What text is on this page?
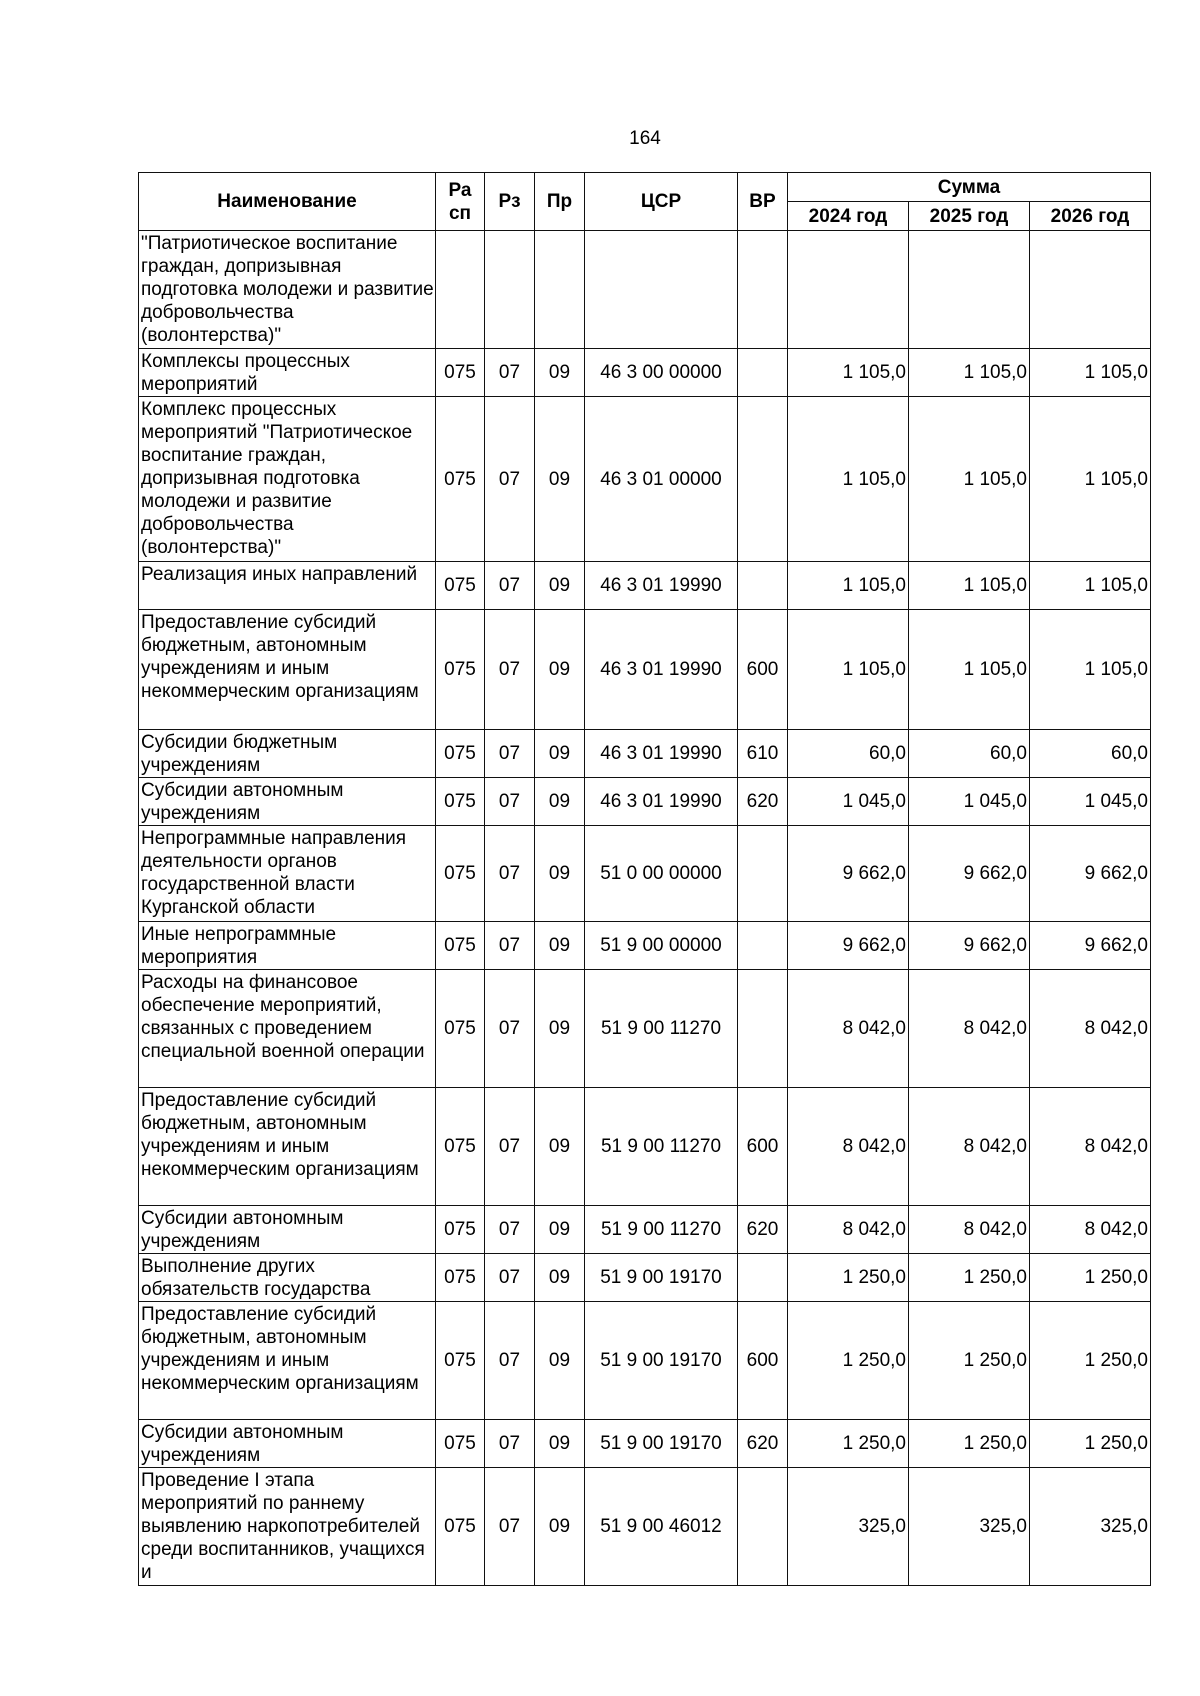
164
Наименование	Ра сп	Рз	Пр	ЦСР	ВР	Сумма		
						2024 год	2025 год	2026 год
"Патриотическое воспитание граждан, допризывная подготовка молодежи и развитие добровольчества (волонтерства)"								
Комплексы процессных мероприятий	075	07	09	46 3 00 00000		1 105,0	1 105,0	1 105,0
Комплекс процессных мероприятий "Патриотическое воспитание граждан, допризывная подготовка молодежи и развитие добровольчества (волонтерства)"	075	07	09	46 3 01 00000		1 105,0	1 105,0	1 105,0
Реализация иных направлений	075	07	09	46 3 01 19990		1 105,0	1 105,0	1 105,0
Предоставление субсидий бюджетным, автономным учреждениям и иным некоммерческим организациям	075	07	09	46 3 01 19990	600	1 105,0	1 105,0	1 105,0
Субсидии бюджетным учреждениям	075	07	09	46 3 01 19990	610	60,0	60,0	60,0
Субсидии автономным учреждениям	075	07	09	46 3 01 19990	620	1 045,0	1 045,0	1 045,0
Непрограммные направления деятельности органов государственной власти Курганской области	075	07	09	51 0 00 00000		9 662,0	9 662,0	9 662,0
Иные непрограммные мероприятия	075	07	09	51 9 00 00000		9 662,0	9 662,0	9 662,0
Расходы на финансовое обеспечение мероприятий, связанных с проведением специальной военной операции	075	07	09	51 9 00 11270		8 042,0	8 042,0	8 042,0
Предоставление субсидий бюджетным, автономным учреждениям и иным некоммерческим организациям	075	07	09	51 9 00 11270	600	8 042,0	8 042,0	8 042,0
Субсидии автономным учреждениям	075	07	09	51 9 00 11270	620	8 042,0	8 042,0	8 042,0
Выполнение других обязательств государства	075	07	09	51 9 00 19170		1 250,0	1 250,0	1 250,0
Предоставление субсидий бюджетным, автономным учреждениям и иным некоммерческим организациям	075	07	09	51 9 00 19170	600	1 250,0	1 250,0	1 250,0
Субсидии автономным учреждениям	075	07	09	51 9 00 19170	620	1 250,0	1 250,0	1 250,0
Проведение I этапа мероприятий по раннему выявлению наркопотребителей среди воспитанников, учащихся и	075	07	09	51 9 00 46012		325,0	325,0	325,0
